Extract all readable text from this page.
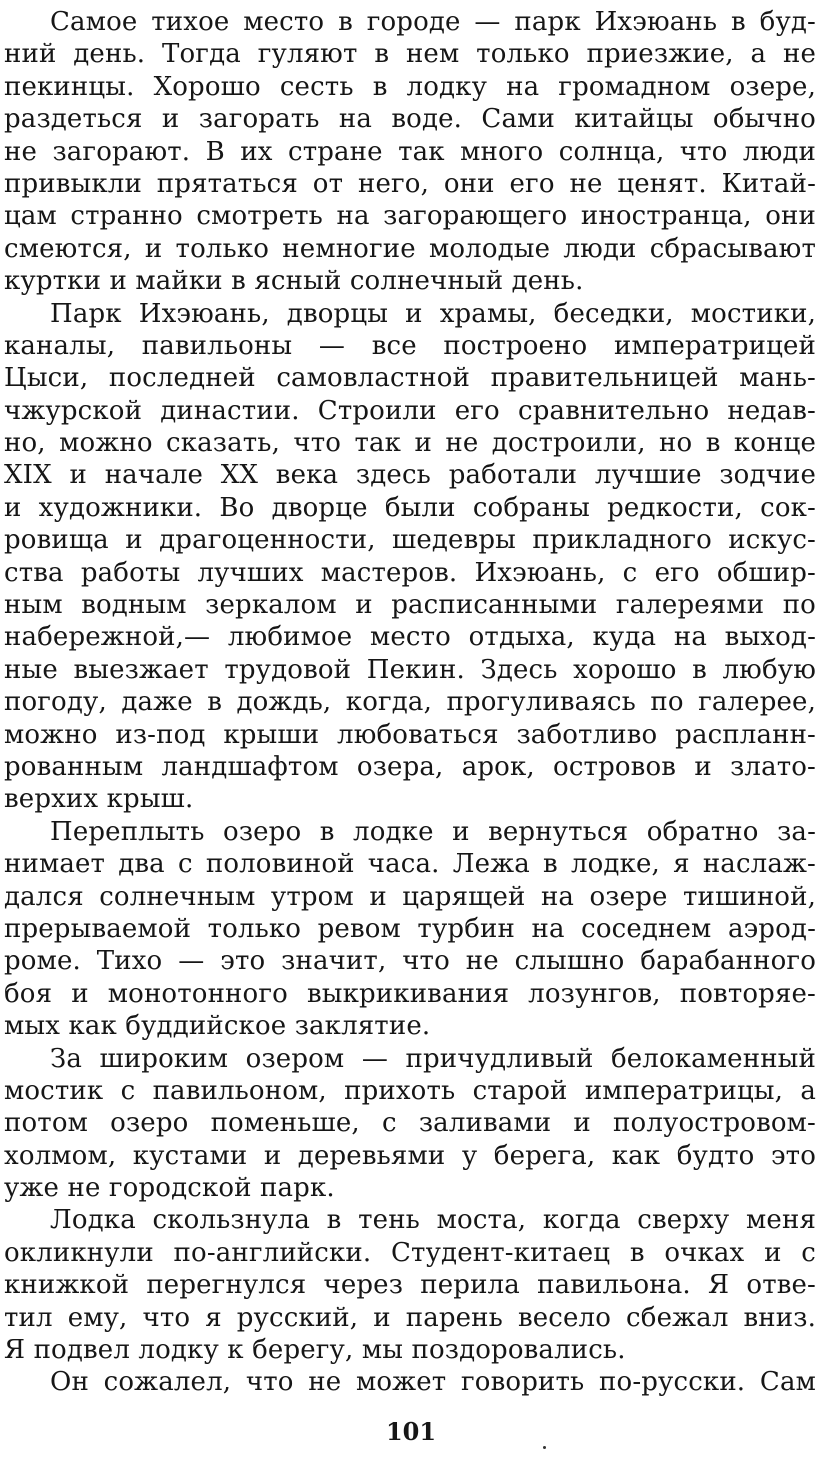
Самое тихое место в городе — парк Ихэюань в буд-
ний день. Тогда гуляют в нем только приезжие, а не
пекинцы. Хорошо сесть в лодку на громадном озере,
раздеться и загорать на воде. Сами китайцы обычно
не загорают. В их стране так много солнца, что люди
привыкли прятаться от него, они его не ценят. Китай-
цам странно смотреть на загорающего иностранца, они
смеются, и только немногие молодые люди сбрасывают
куртки и майки в ясный солнечный день.
Парк Ихэюань, дворцы и храмы, беседки, мостики,
каналы, павильоны — все построено императрицей
Цыси, последней самовластной правительницей мань-
чжурской династии. Строили его сравнительно недав-
но, можно сказать, что так и не достроили, но в конце
XIX и начале XX века здесь работали лучшие зодчие
и художники. Во дворце были собраны редкости, сок-
ровища и драгоценности, шедевры прикладного искус-
ства работы лучших мастеров. Ихэюань, с его обшир-
ным водным зеркалом и расписанными галереями по
набережной,— любимое место отдыха, куда на выход-
ные выезжает трудовой Пекин. Здесь хорошо в любую
погоду, даже в дождь, когда, прогуливаясь по галерее,
можно из-под крыши любоваться заботливо распланн-
рованным ландшафтом озера, арок, островов и злато-
верхих крыш.
Переплыть озеро в лодке и вернуться обратно за-
нимает два с половиной часа. Лежа в лодке, я наслаж-
дался солнечным утром и царящей на озере тишиной,
прерываемой только ревом турбин на соседнем аэрод-
роме. Тихо — это значит, что не слышно барабанного
боя и монотонного выкрикивания лозунгов, повторяе-
мых как буддийское заклятие.
За широким озером — причудливый белокаменный
мостик с павильоном, прихоть старой императрицы, а
потом озеро поменьше, с заливами и полуостровом-
холмом, кустами и деревьями у берега, как будто это
уже не городской парк.
Лодка скользнула в тень моста, когда сверху меня
окликнули по-английски. Студент-китаец в очках и с
книжкой перегнулся через перила павильона. Я отве-
тил ему, что я русский, и парень весело сбежал вниз.
Я подвел лодку к берегу, мы поздоровались.
Он сожалел, что не может говорить по-русски. Сам
101
